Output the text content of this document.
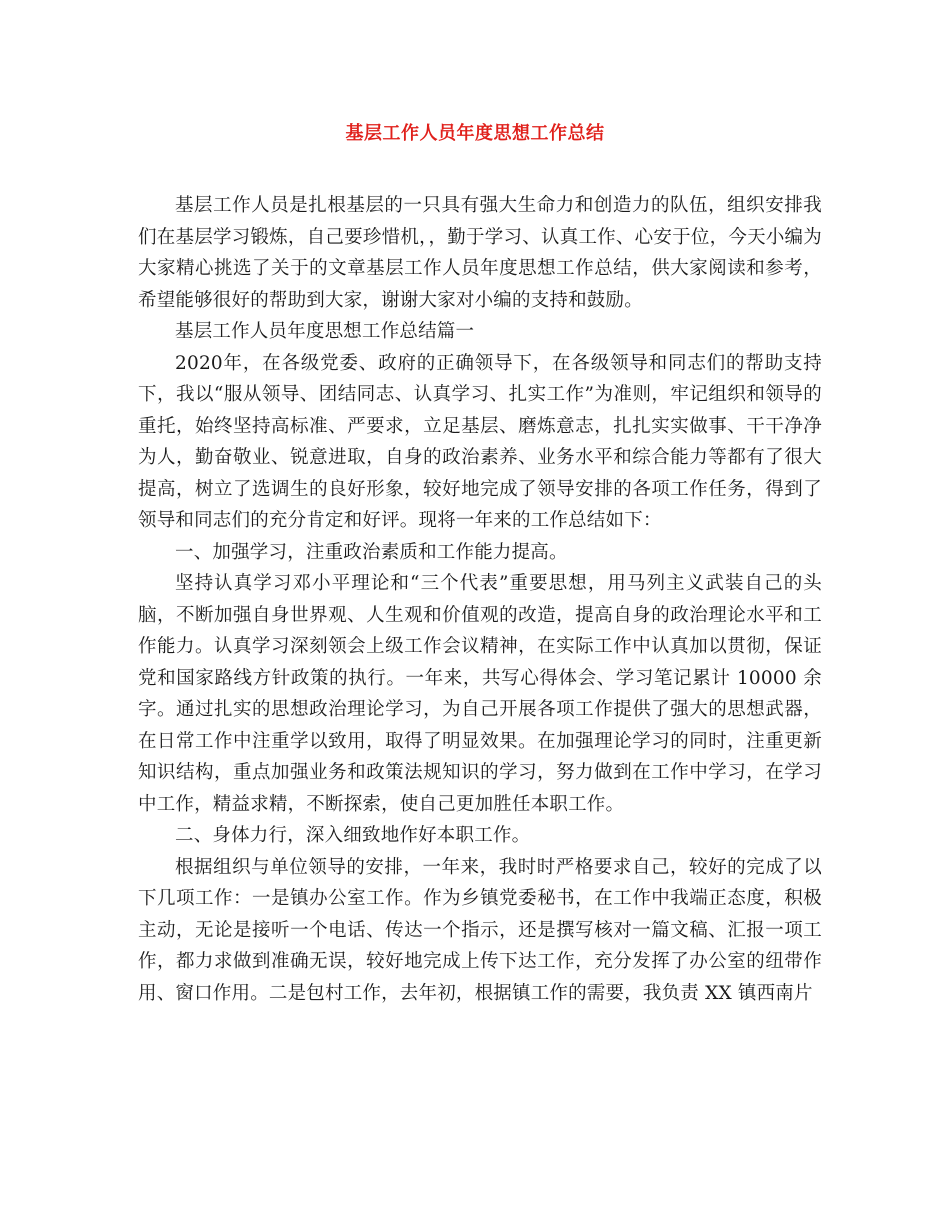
基层工作人员年度思想工作总结

基层工作人员是扎根基层的一只具有强大生命力和创造力的队伍，组织安排我们在基层学习锻炼，自己要珍惜机，，勤于学习、认真工作、心安于位，今天小编为大家精心挑选了关于的文章基层工作人员年度思想工作总结，供大家阅读和参考，希望能够很好的帮助到大家，谢谢大家对小编的支持和鼓励。

基层工作人员年度思想工作总结篇一

2020年，在各级党委、政府的正确领导下，在各级领导和同志们的帮助支持下，我以“服从领导、团结同志、认真学习、扎实工作”为准则，牢记组织和领导的重托，始终坚持高标准、严要求，立足基层、磨炼意志，扎扎实实做事、干干净净为人，勤奋敬业、锐意进取，自身的政治素养、业务水平和综合能力等都有了很大提高，树立了选调生的良好形象，较好地完成了领导安排的各项工作任务，得到了领导和同志们的充分肯定和好评。现将一年来的工作总结如下：

一、加强学习，注重政治素质和工作能力提高。

坚持认真学习邓小平理论和“三个代表”重要思想，用马列主义武装自己的头脑，不断加强自身世界观、人生观和价值观的改造，提高自身的政治理论水平和工作能力。认真学习深刻领会上级工作会议精神，在实际工作中认真加以贯彻，保证党和国家路线方针政策的执行。一年来，共写心得体会、学习笔记累计 10000 余字。通过扎实的思想政治理论学习，为自己开展各项工作提供了强大的思想武器，在日常工作中注重学以致用，取得了明显效果。在加强理论学习的同时，注重更新知识结构，重点加强业务和政策法规知识的学习，努力做到在工作中学习，在学习中工作，精益求精，不断探索，使自己更加胜任本职工作。

二、身体力行，深入细致地作好本职工作。

根据组织与单位领导的安排，一年来，我时时严格要求自己，较好的完成了以下几项工作：一是镇办公室工作。作为乡镇党委秘书，在工作中我端正态度，积极主动，无论是接听一个电话、传达一个指示，还是撰写核对一篇文稿、汇报一项工作，都力求做到准确无误，较好地完成上传下达工作，充分发挥了办公室的纽带作用、窗口作用。二是包村工作，去年初，根据镇工作的需要，我负责 XX 镇西南片
